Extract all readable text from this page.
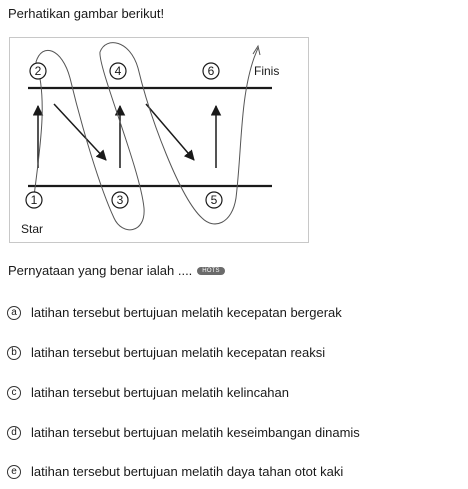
Perhatikan gambar berikut!
2	4	6
1	3	5
Finis
Star
Pernyataan yang benar ialah ....	HOTS
a	latihan tersebut bertujuan melatih kecepatan bergerak
b	latihan tersebut bertujuan melatih kecepatan reaksi
c	latihan tersebut bertujuan melatih kelincahan
d	latihan tersebut bertujuan melatih keseimbangan dinamis
e	latihan tersebut bertujuan melatih daya tahan otot kaki
